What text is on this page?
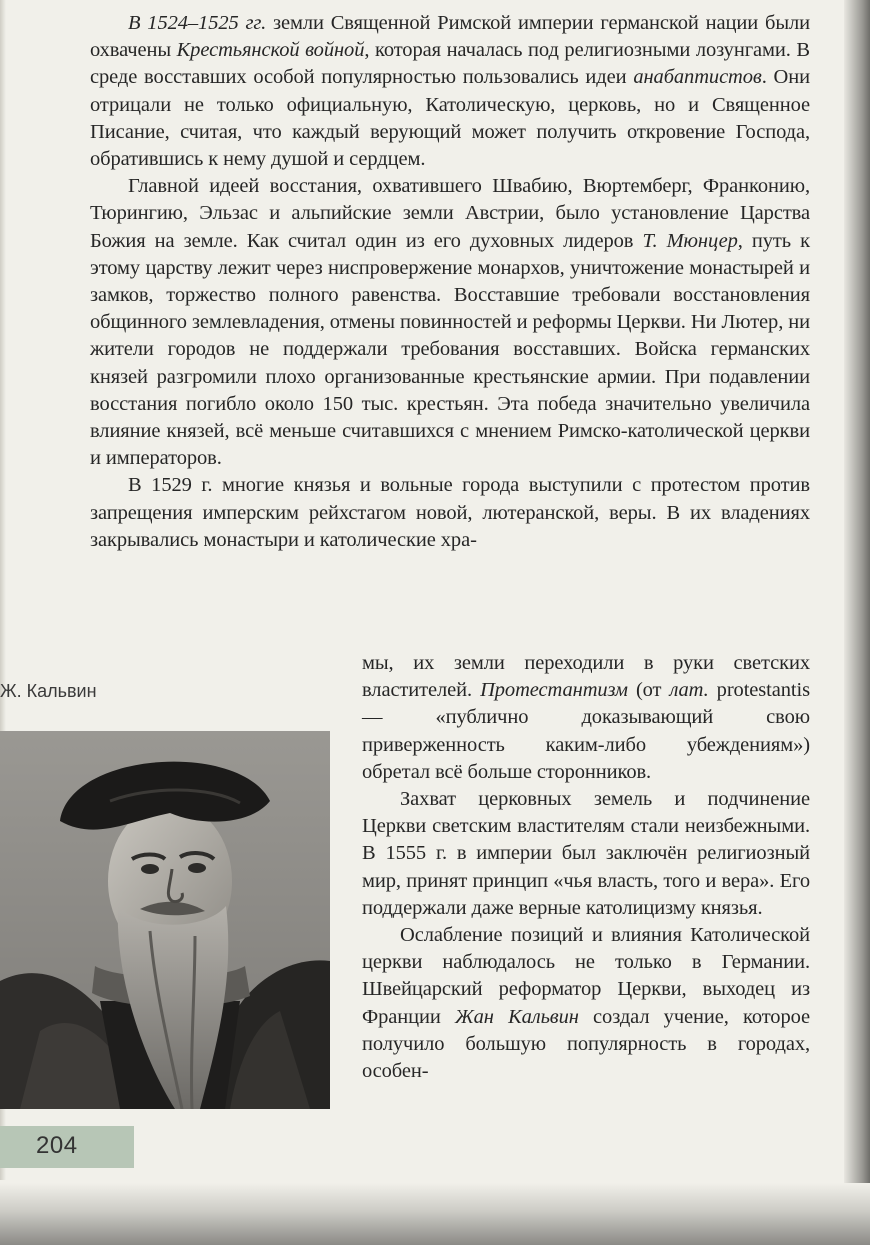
В 1524–1525 гг. земли Священной Римской империи германской нации были охвачены Крестьянской войной, которая началась под религиозными лозунгами. В среде восставших особой популярностью пользовались идеи анабаптистов. Они отрицали не только официальную, Католическую, церковь, но и Священное Писание, считая, что каждый верующий может получить откровение Господа, обратившись к нему душой и сердцем.

Главной идеей восстания, охватившего Швабию, Вюртемберг, Франконию, Тюрингию, Эльзас и альпийские земли Австрии, было установление Царства Божия на земле. Как считал один из его духовных лидеров Т. Мюнцер, путь к этому царству лежит через ниспровержение монархов, уничтожение монастырей и замков, торжество полного равенства. Восставшие требовали восстановления общинного землевладения, отмены повинностей и реформы Церкви. Ни Лютер, ни жители городов не поддержали требования восставших. Войска германских князей разгромили плохо организованные крестьянские армии. При подавлении восстания погибло около 150 тыс. крестьян. Эта победа значительно увеличила влияние князей, всё меньше считавшихся с мнением Римско-католической церкви и императоров.

В 1529 г. многие князья и вольные города выступили с протестом против запрещения имперским рейхстагом новой, лютеранской, веры. В их владениях закрывались монастыри и католические хра-

Ж. Кальвин

мы, их земли переходили в руки светских властителей. Протестантизм (от лат. protestantis — «публично доказывающий свою приверженность каким-либо убеждениям») обретал всё больше сторонников.

Захват церковных земель и подчинение Церкви светским властителям стали неизбежными. В 1555 г. в империи был заключён религиозный мир, принят принцип «чья власть, того и вера». Его поддержали даже верные католицизму князья.

Ослабление позиций и влияния Католической церкви наблюдалось не только в Германии. Швейцарский реформатор Церкви, выходец из Франции Жан Кальвин создал учение, которое получило большую популярность в городах, особен-

204
